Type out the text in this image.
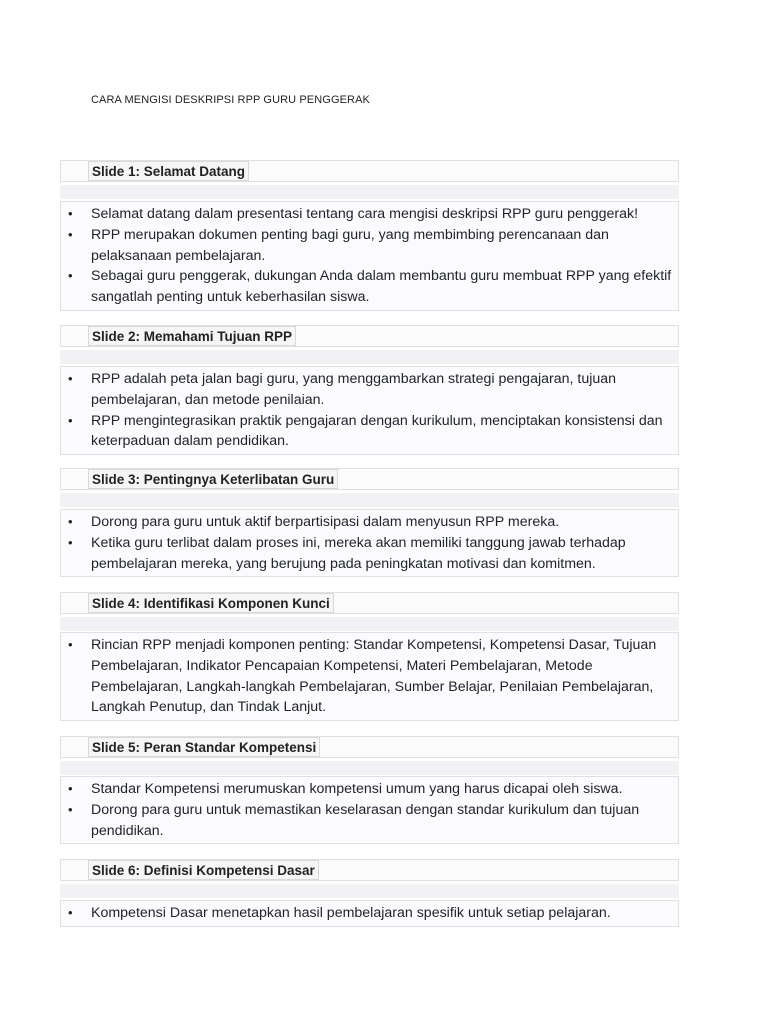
CARA MENGISI DESKRIPSI RPP GURU PENGGERAK
Slide 1: Selamat Datang
• Selamat datang dalam presentasi tentang cara mengisi deskripsi RPP guru penggerak!
• RPP merupakan dokumen penting bagi guru, yang membimbing perencanaan dan pelaksanaan pembelajaran.
• Sebagai guru penggerak, dukungan Anda dalam membantu guru membuat RPP yang efektif sangatlah penting untuk keberhasilan siswa.
Slide 2: Memahami Tujuan RPP
• RPP adalah peta jalan bagi guru, yang menggambarkan strategi pengajaran, tujuan pembelajaran, dan metode penilaian.
• RPP mengintegrasikan praktik pengajaran dengan kurikulum, menciptakan konsistensi dan keterpaduan dalam pendidikan.
Slide 3: Pentingnya Keterlibatan Guru
• Dorong para guru untuk aktif berpartisipasi dalam menyusun RPP mereka.
• Ketika guru terlibat dalam proses ini, mereka akan memiliki tanggung jawab terhadap pembelajaran mereka, yang berujung pada peningkatan motivasi dan komitmen.
Slide 4: Identifikasi Komponen Kunci
• Rincian RPP menjadi komponen penting: Standar Kompetensi, Kompetensi Dasar, Tujuan Pembelajaran, Indikator Pencapaian Kompetensi, Materi Pembelajaran, Metode Pembelajaran, Langkah-langkah Pembelajaran, Sumber Belajar, Penilaian Pembelajaran, Langkah Penutup, dan Tindak Lanjut.
Slide 5: Peran Standar Kompetensi
• Standar Kompetensi merumuskan kompetensi umum yang harus dicapai oleh siswa.
• Dorong para guru untuk memastikan keselarasan dengan standar kurikulum dan tujuan pendidikan.
Slide 6: Definisi Kompetensi Dasar
• Kompetensi Dasar menetapkan hasil pembelajaran spesifik untuk setiap pelajaran.
